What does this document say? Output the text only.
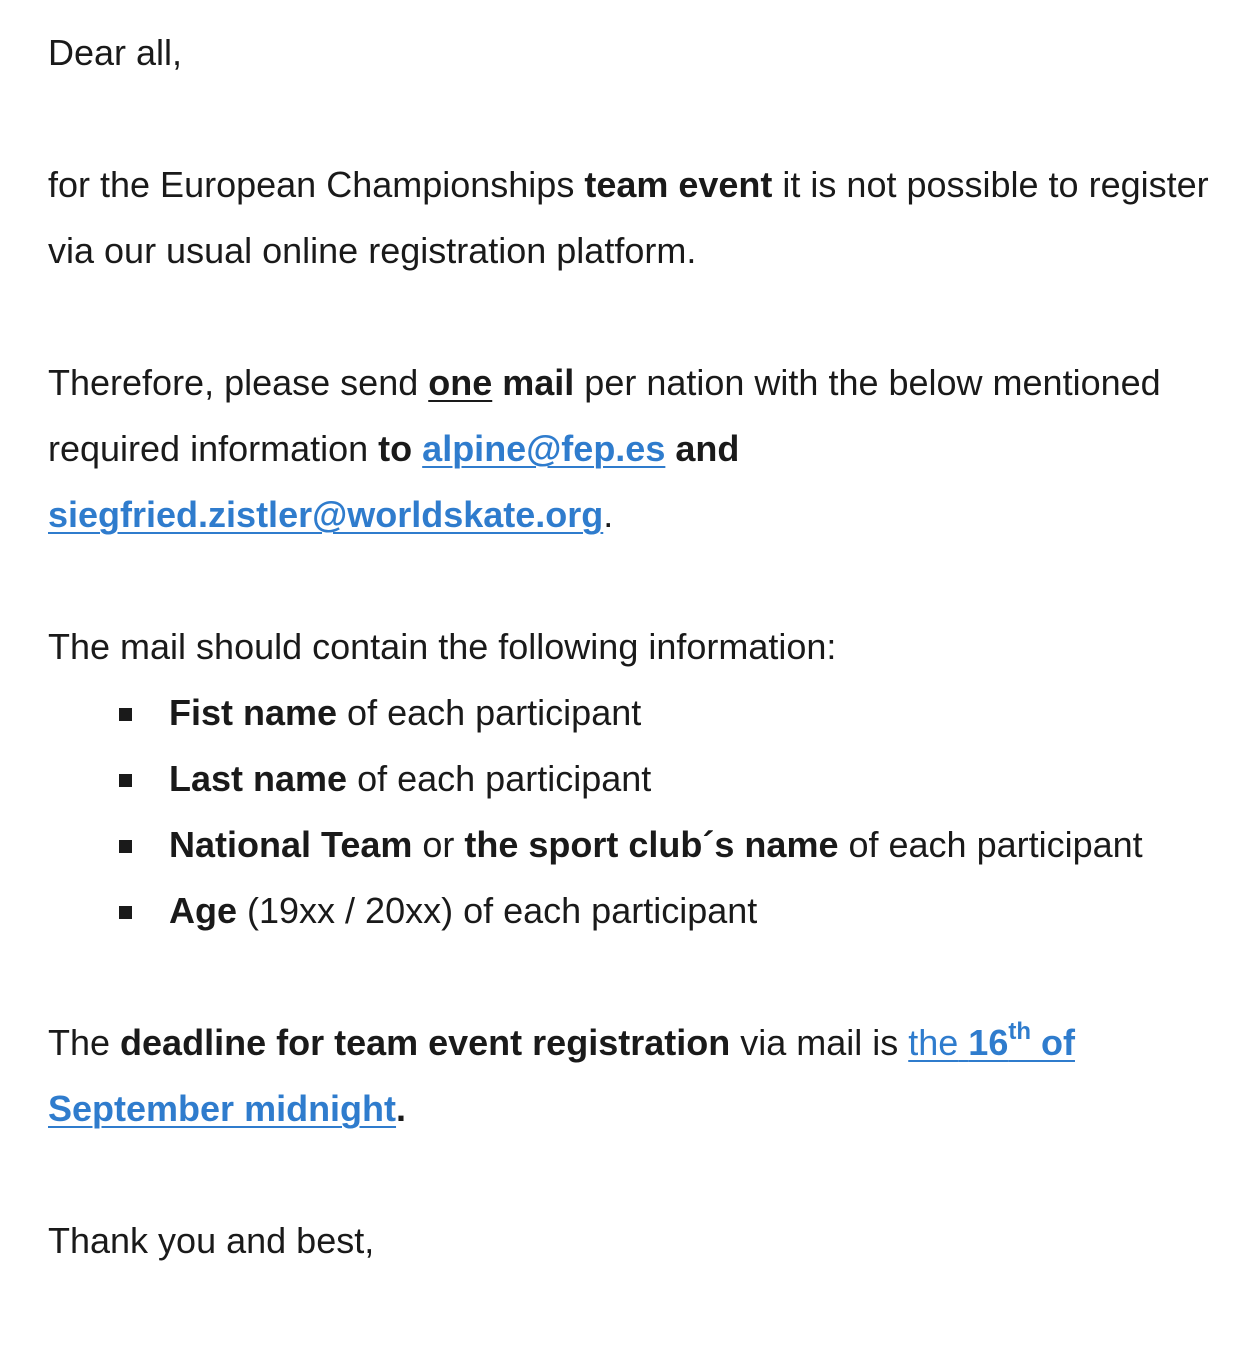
Dear all,

for the European Championships team event it is not possible to register via our usual online registration platform.

Therefore, please send one mail per nation with the below mentioned required information to alpine@fep.es and siegfried.zistler@worldskate.org.

The mail should contain the following information:

Fist name of each participant
Last name of each participant
National Team or the sport club´s name of each participant
Age (19xx / 20xx) of each participant

The deadline for team event registration via mail is the 16th of September midnight.

Thank you and best,
